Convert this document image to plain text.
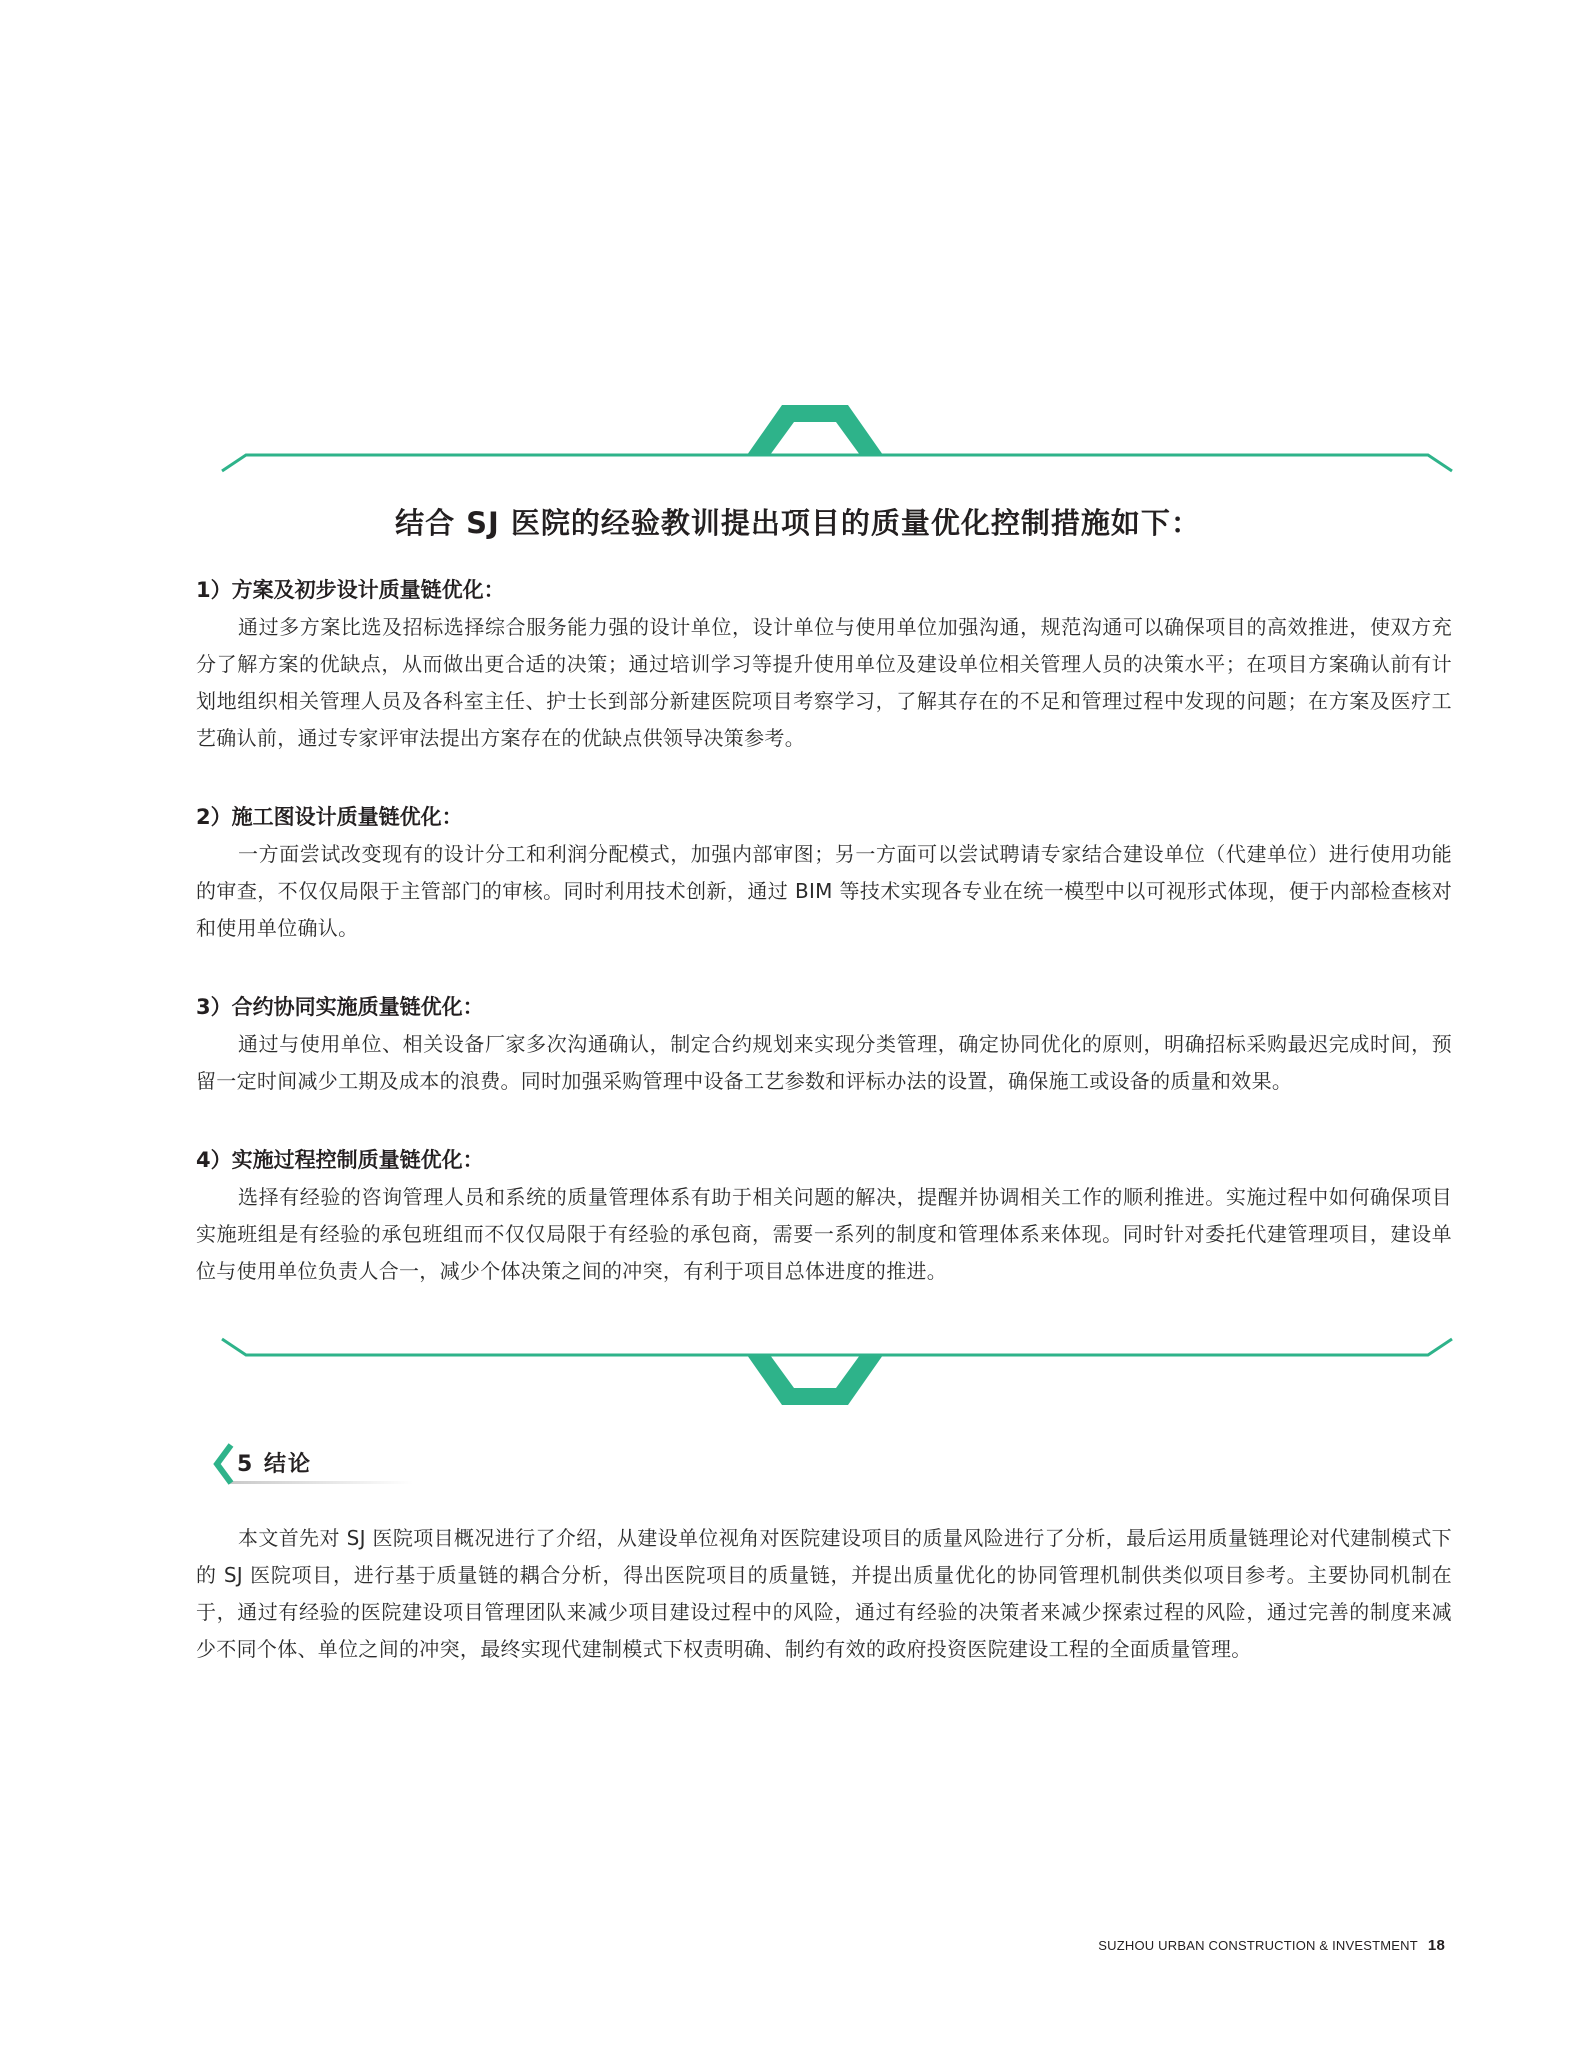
结合 SJ 医院的经验教训提出项目的质量优化控制措施如下：

1）方案及初步设计质量链优化：

通过多方案比选及招标选择综合服务能力强的设计单位，设计单位与使用单位加强沟通，规范沟通可以确保项目的高效推进，使双方充分了解方案的优缺点，从而做出更合适的决策；通过培训学习等提升使用单位及建设单位相关管理人员的决策水平；在项目方案确认前有计划地组织相关管理人员及各科室主任、护士长到部分新建医院项目考察学习，了解其存在的不足和管理过程中发现的问题；在方案及医疗工艺确认前，通过专家评审法提出方案存在的优缺点供领导决策参考。

2）施工图设计质量链优化：

一方面尝试改变现有的设计分工和利润分配模式，加强内部审图；另一方面可以尝试聘请专家结合建设单位（代建单位）进行使用功能的审查，不仅仅局限于主管部门的审核。同时利用技术创新，通过 BIM 等技术实现各专业在统一模型中以可视形式体现，便于内部检查核对和使用单位确认。

3）合约协同实施质量链优化：

通过与使用单位、相关设备厂家多次沟通确认，制定合约规划来实现分类管理，确定协同优化的原则，明确招标采购最迟完成时间，预留一定时间减少工期及成本的浪费。同时加强采购管理中设备工艺参数和评标办法的设置，确保施工或设备的质量和效果。

4）实施过程控制质量链优化：

选择有经验的咨询管理人员和系统的质量管理体系有助于相关问题的解决，提醒并协调相关工作的顺利推进。实施过程中如何确保项目实施班组是有经验的承包班组而不仅仅局限于有经验的承包商，需要一系列的制度和管理体系来体现。同时针对委托代建管理项目，建设单位与使用单位负责人合一，减少个体决策之间的冲突，有利于项目总体进度的推进。

5 结论

本文首先对 SJ 医院项目概况进行了介绍，从建设单位视角对医院建设项目的质量风险进行了分析，最后运用质量链理论对代建制模式下的 SJ 医院项目，进行基于质量链的耦合分析，得出医院项目的质量链，并提出质量优化的协同管理机制供类似项目参考。主要协同机制在于，通过有经验的医院建设项目管理团队来减少项目建设过程中的风险，通过有经验的决策者来减少探索过程的风险，通过完善的制度来减少不同个体、单位之间的冲突，最终实现代建制模式下权责明确、制约有效的政府投资医院建设工程的全面质量管理。

SUZHOU URBAN CONSTRUCTION & INVESTMENT 18
